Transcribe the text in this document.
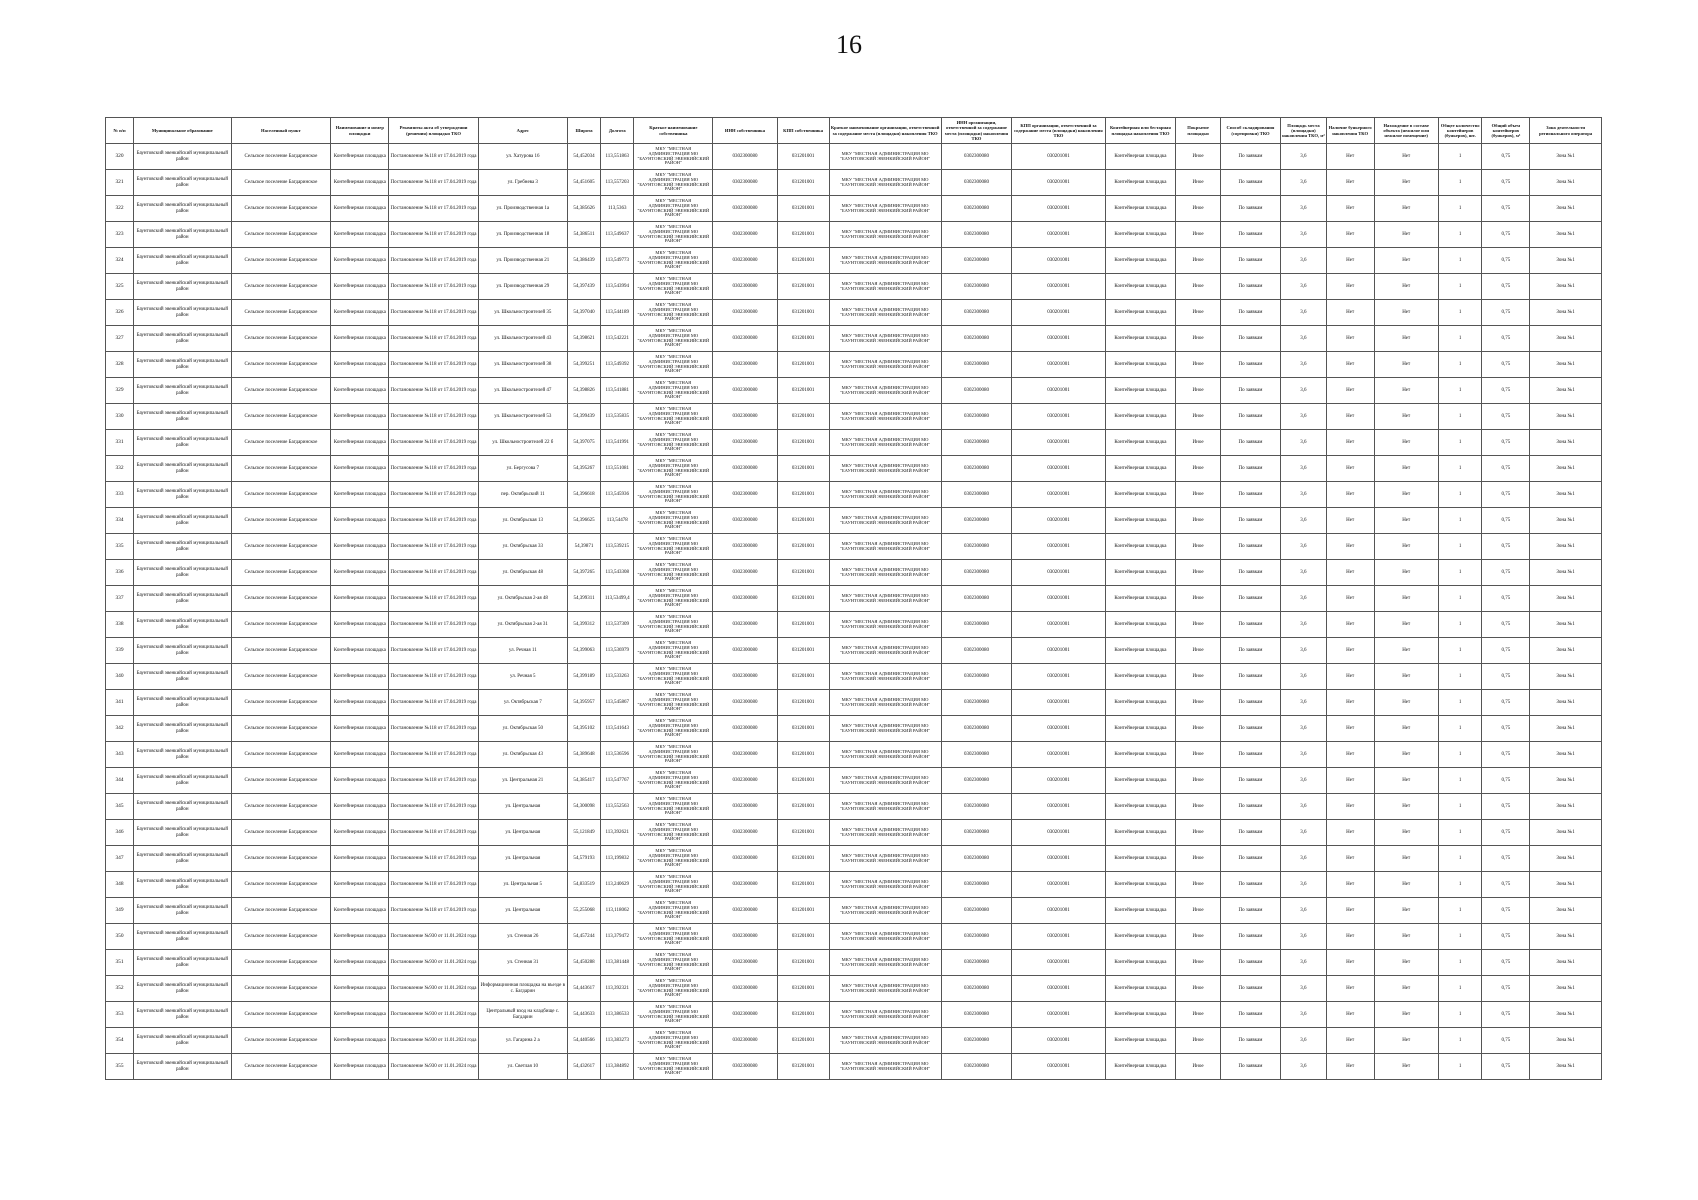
16
№ п/п	Муниципальное образование	Населенный пункт	Наименование и номер площадки	Реквизиты акта об утверждении (решения) площадки ТКО	Адрес	Широта	Долгота	Краткое наименование собственника	ИНН собственника	КПП собственника	Краткое наименование организации, ответственной за содержание места (площадки) накопления ТКО	ИНН организации, ответственной за содержание места (площадки) накопления ТКО	КПП организации, ответственной за содержание места (площадки) накопления ТКО	Контейнерная или бестарная площадка накопления ТКО	Покрытие площадки	Способ складирования (сортировки) ТКО	Площадь места (площадки) накопления ТКО, м²	Наличие бункерного накопления ТКО	Нахождение в составе объекта (нежилое или нежилое помещение)	Общее количество контейнеров (бункеров), шт.	Общий объем контейнеров (бункеров), м³	Зона деятельности регионального оператора
320	Баунтовский эвенкийский муниципальный район	Сельское поселение Багдаринское	Контейнерная площадка	Постановление №118 от 17.04.2019 года	ул. Хатурова 16	54,452034	113,551863	МКУ "МЕСТНАЯ АДМИНИСТРАЦИЯ МО "БАУНТОВСКИЙ ЭВЕНКИЙСКИЙ РАЙОН"	0302300080	031201001	МКУ "МЕСТНАЯ АДМИНИСТРАЦИЯ МО "БАУНТОВСКИЙ ЭВЕНКИЙСКИЙ РАЙОН"	0302300080	030201001	Контейнерная площадка	Иное	По заявкам	3,6	Нет	Нет	1	0,75	Зона №1
321	Баунтовский эвенкийский муниципальный район	Сельское поселение Багдаринское	Контейнерная площадка	Постановление №118 от 17.04.2019 года	ул. Гребнева 3	54,451605	113,557203	МКУ "МЕСТНАЯ АДМИНИСТРАЦИЯ МО "БАУНТОВСКИЙ ЭВЕНКИЙСКИЙ РАЙОН"	0302300080	031201001	МКУ "МЕСТНАЯ АДМИНИСТРАЦИЯ МО "БАУНТОВСКИЙ ЭВЕНКИЙСКИЙ РАЙОН"	0302300080	030201001	Контейнерная площадка	Иное	По заявкам	3,6	Нет	Нет	1	0,75	Зона №1
322	Баунтовский эвенкийский муниципальный район	Сельское поселение Багдаринское	Контейнерная площадка	Постановление №118 от 17.04.2019 года	ул. Производственная 1а	54,385626	113,5363	МКУ "МЕСТНАЯ АДМИНИСТРАЦИЯ МО "БАУНТОВСКИЙ ЭВЕНКИЙСКИЙ РАЙОН"	0302300080	031201001	МКУ "МЕСТНАЯ АДМИНИСТРАЦИЯ МО "БАУНТОВСКИЙ ЭВЕНКИЙСКИЙ РАЙОН"	0302300080	030201001	Контейнерная площадка	Иное	По заявкам	3,6	Нет	Нет	1	0,75	Зона №1
323	Баунтовский эвенкийский муниципальный район	Сельское поселение Багдаринское	Контейнерная площадка	Постановление №118 от 17.04.2019 года	ул. Производственная 18	54,386511	113,549637	МКУ "МЕСТНАЯ АДМИНИСТРАЦИЯ МО "БАУНТОВСКИЙ ЭВЕНКИЙСКИЙ РАЙОН"	0302300080	031201001	МКУ "МЕСТНАЯ АДМИНИСТРАЦИЯ МО "БАУНТОВСКИЙ ЭВЕНКИЙСКИЙ РАЙОН"	0302300080	030201001	Контейнерная площадка	Иное	По заявкам	3,6	Нет	Нет	1	0,75	Зона №1
324	Баунтовский эвенкийский муниципальный район	Сельское поселение Багдаринское	Контейнерная площадка	Постановление №118 от 17.04.2019 года	ул. Производственная 21	54,386439	113,549773	МКУ "МЕСТНАЯ АДМИНИСТРАЦИЯ МО "БАУНТОВСКИЙ ЭВЕНКИЙСКИЙ РАЙОН"	0302300080	031201001	МКУ "МЕСТНАЯ АДМИНИСТРАЦИЯ МО "БАУНТОВСКИЙ ЭВЕНКИЙСКИЙ РАЙОН"	0302300080	030201001	Контейнерная площадка	Иное	По заявкам	3,6	Нет	Нет	1	0,75	Зона №1
325	Баунтовский эвенкийский муниципальный район	Сельское поселение Багдаринское	Контейнерная площадка	Постановление №118 от 17.04.2019 года	ул. Производственная 29	54,397439	113,543994	МКУ "МЕСТНАЯ АДМИНИСТРАЦИЯ МО "БАУНТОВСКИЙ ЭВЕНКИЙСКИЙ РАЙОН"	0302300080	031201001	МКУ "МЕСТНАЯ АДМИНИСТРАЦИЯ МО "БАУНТОВСКИЙ ЭВЕНКИЙСКИЙ РАЙОН"	0302300080	030201001	Контейнерная площадка	Иное	По заявкам	3,6	Нет	Нет	1	0,75	Зона №1
326	Баунтовский эвенкийский муниципальный район	Сельское поселение Багдаринское	Контейнерная площадка	Постановление №118 от 17.04.2019 года	ул. Школьностроителей 35	54,397040	113,544189	МКУ "МЕСТНАЯ АДМИНИСТРАЦИЯ МО "БАУНТОВСКИЙ ЭВЕНКИЙСКИЙ РАЙОН"	0302300080	031201001	МКУ "МЕСТНАЯ АДМИНИСТРАЦИЯ МО "БАУНТОВСКИЙ ЭВЕНКИЙСКИЙ РАЙОН"	0302300080	030201001	Контейнерная площадка	Иное	По заявкам	3,6	Нет	Нет	1	0,75	Зона №1
327	Баунтовский эвенкийский муниципальный район	Сельское поселение Багдаринское	Контейнерная площадка	Постановление №118 от 17.04.2019 года	ул. Школьностроителей 43	54,398621	113,542221	МКУ "МЕСТНАЯ АДМИНИСТРАЦИЯ МО "БАУНТОВСКИЙ ЭВЕНКИЙСКИЙ РАЙОН"	0302300080	031201001	МКУ "МЕСТНАЯ АДМИНИСТРАЦИЯ МО "БАУНТОВСКИЙ ЭВЕНКИЙСКИЙ РАЙОН"	0302300080	030201001	Контейнерная площадка	Иное	По заявкам	3,6	Нет	Нет	1	0,75	Зона №1
328	Баунтовский эвенкийский муниципальный район	Сельское поселение Багдаринское	Контейнерная площадка	Постановление №118 от 17.04.2019 года	ул. Школьностроителей 38	54,399251	113,549392	МКУ "МЕСТНАЯ АДМИНИСТРАЦИЯ МО "БАУНТОВСКИЙ ЭВЕНКИЙСКИЙ РАЙОН"	0302300080	031201001	МКУ "МЕСТНАЯ АДМИНИСТРАЦИЯ МО "БАУНТОВСКИЙ ЭВЕНКИЙСКИЙ РАЙОН"	0302300080	030201001	Контейнерная площадка	Иное	По заявкам	3,6	Нет	Нет	1	0,75	Зона №1
329	Баунтовский эвенкийский муниципальный район	Сельское поселение Багдаринское	Контейнерная площадка	Постановление №118 от 17.04.2019 года	ул. Школьностроителей 47	54,398826	113,541881	МКУ "МЕСТНАЯ АДМИНИСТРАЦИЯ МО "БАУНТОВСКИЙ ЭВЕНКИЙСКИЙ РАЙОН"	0302300080	031201001	МКУ "МЕСТНАЯ АДМИНИСТРАЦИЯ МО "БАУНТОВСКИЙ ЭВЕНКИЙСКИЙ РАЙОН"	0302300080	030201001	Контейнерная площадка	Иное	По заявкам	3,6	Нет	Нет	1	0,75	Зона №1
330	Баунтовский эвенкийский муниципальный район	Сельское поселение Багдаринское	Контейнерная площадка	Постановление №118 от 17.04.2019 года	ул. Школьностроителей 53	54,399439	113,535835	МКУ "МЕСТНАЯ АДМИНИСТРАЦИЯ МО "БАУНТОВСКИЙ ЭВЕНКИЙСКИЙ РАЙОН"	0302300080	031201001	МКУ "МЕСТНАЯ АДМИНИСТРАЦИЯ МО "БАУНТОВСКИЙ ЭВЕНКИЙСКИЙ РАЙОН"	0302300080	030201001	Контейнерная площадка	Иное	По заявкам	3,6	Нет	Нет	1	0,75	Зона №1
331	Баунтовский эвенкийский муниципальный район	Сельское поселение Багдаринское	Контейнерная площадка	Постановление №118 от 17.04.2019 года	ул. Школьностроителей 22 б	54,397075	113,541991	МКУ "МЕСТНАЯ АДМИНИСТРАЦИЯ МО "БАУНТОВСКИЙ ЭВЕНКИЙСКИЙ РАЙОН"	0302300080	031201001	МКУ "МЕСТНАЯ АДМИНИСТРАЦИЯ МО "БАУНТОВСКИЙ ЭВЕНКИЙСКИЙ РАЙОН"	0302300080	030201001	Контейнерная площадка	Иное	По заявкам	3,6	Нет	Нет	1	0,75	Зона №1
332	Баунтовский эвенкийский муниципальный район	Сельское поселение Багдаринское	Контейнерная площадка	Постановление №118 от 17.04.2019 года	ул. Бергусова 7	54,395267	113,551081	МКУ "МЕСТНАЯ АДМИНИСТРАЦИЯ МО "БАУНТОВСКИЙ ЭВЕНКИЙСКИЙ РАЙОН"	0302300080	031201001	МКУ "МЕСТНАЯ АДМИНИСТРАЦИЯ МО "БАУНТОВСКИЙ ЭВЕНКИЙСКИЙ РАЙОН"	0302300080	030201001	Контейнерная площадка	Иное	По заявкам	3,6	Нет	Нет	1	0,75	Зона №1
333	Баунтовский эвенкийский муниципальный район	Сельское поселение Багдаринское	Контейнерная площадка	Постановление №118 от 17.04.2019 года	пер. Октябрьский 11	54,396618	113,545936	МКУ "МЕСТНАЯ АДМИНИСТРАЦИЯ МО "БАУНТОВСКИЙ ЭВЕНКИЙСКИЙ РАЙОН"	0302300080	031201001	МКУ "МЕСТНАЯ АДМИНИСТРАЦИЯ МО "БАУНТОВСКИЙ ЭВЕНКИЙСКИЙ РАЙОН"	0302300080	030201001	Контейнерная площадка	Иное	По заявкам	3,6	Нет	Нет	1	0,75	Зона №1
334	Баунтовский эвенкийский муниципальный район	Сельское поселение Багдаринское	Контейнерная площадка	Постановление №118 от 17.04.2019 года	ул. Октябрьская 13	54,396625	113,54478	МКУ "МЕСТНАЯ АДМИНИСТРАЦИЯ МО "БАУНТОВСКИЙ ЭВЕНКИЙСКИЙ РАЙОН"	0302300080	031201001	МКУ "МЕСТНАЯ АДМИНИСТРАЦИЯ МО "БАУНТОВСКИЙ ЭВЕНКИЙСКИЙ РАЙОН"	0302300080	030201001	Контейнерная площадка	Иное	По заявкам	3,6	Нет	Нет	1	0,75	Зона №1
335	Баунтовский эвенкийский муниципальный район	Сельское поселение Багдаринское	Контейнерная площадка	Постановление №118 от 17.04.2019 года	ул. Октябрьская 33	54,39871	113,539215	МКУ "МЕСТНАЯ АДМИНИСТРАЦИЯ МО "БАУНТОВСКИЙ ЭВЕНКИЙСКИЙ РАЙОН"	0302300080	031201001	МКУ "МЕСТНАЯ АДМИНИСТРАЦИЯ МО "БАУНТОВСКИЙ ЭВЕНКИЙСКИЙ РАЙОН"	0302300080	030201001	Контейнерная площадка	Иное	По заявкам	3,6	Нет	Нет	1	0,75	Зона №1
336	Баунтовский эвенкийский муниципальный район	Сельское поселение Багдаринское	Контейнерная площадка	Постановление №118 от 17.04.2019 года	ул. Октябрьская 48	54,397265	113,543308	МКУ "МЕСТНАЯ АДМИНИСТРАЦИЯ МО "БАУНТОВСКИЙ ЭВЕНКИЙСКИЙ РАЙОН"	0302300080	031201001	МКУ "МЕСТНАЯ АДМИНИСТРАЦИЯ МО "БАУНТОВСКИЙ ЭВЕНКИЙСКИЙ РАЙОН"	0302300080	030201001	Контейнерная площадка	Иное	По заявкам	3,6	Нет	Нет	1	0,75	Зона №1
337	Баунтовский эвенкийский муниципальный район	Сельское поселение Багдаринское	Контейнерная площадка	Постановление №118 от 17.04.2019 года	ул. Октябрьская 2-ая 48	54,399311	113,53499,4	МКУ "МЕСТНАЯ АДМИНИСТРАЦИЯ МО "БАУНТОВСКИЙ ЭВЕНКИЙСКИЙ РАЙОН"	0302300080	031201001	МКУ "МЕСТНАЯ АДМИНИСТРАЦИЯ МО "БАУНТОВСКИЙ ЭВЕНКИЙСКИЙ РАЙОН"	0302300080	030201001	Контейнерная площадка	Иное	По заявкам	3,6	Нет	Нет	1	0,75	Зона №1
338	Баунтовский эвенкийский муниципальный район	Сельское поселение Багдаринское	Контейнерная площадка	Постановление №118 от 17.04.2019 года	ул. Октябрьская 2-ая 31	54,399312	113,537309	МКУ "МЕСТНАЯ АДМИНИСТРАЦИЯ МО "БАУНТОВСКИЙ ЭВЕНКИЙСКИЙ РАЙОН"	0302300080	031201001	МКУ "МЕСТНАЯ АДМИНИСТРАЦИЯ МО "БАУНТОВСКИЙ ЭВЕНКИЙСКИЙ РАЙОН"	0302300080	030201001	Контейнерная площадка	Иное	По заявкам	3,6	Нет	Нет	1	0,75	Зона №1
339	Баунтовский эвенкийский муниципальный район	Сельское поселение Багдаринское	Контейнерная площадка	Постановление №118 от 17.04.2019 года	ул. Речная 11	54,399063	113,536979	МКУ "МЕСТНАЯ АДМИНИСТРАЦИЯ МО "БАУНТОВСКИЙ ЭВЕНКИЙСКИЙ РАЙОН"	0302300080	031201001	МКУ "МЕСТНАЯ АДМИНИСТРАЦИЯ МО "БАУНТОВСКИЙ ЭВЕНКИЙСКИЙ РАЙОН"	0302300080	030201001	Контейнерная площадка	Иное	По заявкам	3,6	Нет	Нет	1	0,75	Зона №1
340	Баунтовский эвенкийский муниципальный район	Сельское поселение Багдаринское	Контейнерная площадка	Постановление №118 от 17.04.2019 года	ул. Речная 5	54,399189	113,533263	МКУ "МЕСТНАЯ АДМИНИСТРАЦИЯ МО "БАУНТОВСКИЙ ЭВЕНКИЙСКИЙ РАЙОН"	0302300080	031201001	МКУ "МЕСТНАЯ АДМИНИСТРАЦИЯ МО "БАУНТОВСКИЙ ЭВЕНКИЙСКИЙ РАЙОН"	0302300080	030201001	Контейнерная площадка	Иное	По заявкам	3,6	Нет	Нет	1	0,75	Зона №1
341	Баунтовский эвенкийский муниципальный район	Сельское поселение Багдаринское	Контейнерная площадка	Постановление №118 от 17.04.2019 года	ул. Октябрьская 7	54,395957	113,545867	МКУ "МЕСТНАЯ АДМИНИСТРАЦИЯ МО "БАУНТОВСКИЙ ЭВЕНКИЙСКИЙ РАЙОН"	0302300080	031201001	МКУ "МЕСТНАЯ АДМИНИСТРАЦИЯ МО "БАУНТОВСКИЙ ЭВЕНКИЙСКИЙ РАЙОН"	0302300080	030201001	Контейнерная площадка	Иное	По заявкам	3,6	Нет	Нет	1	0,75	Зона №1
342	Баунтовский эвенкийский муниципальный район	Сельское поселение Багдаринское	Контейнерная площадка	Постановление №118 от 17.04.2019 года	ул. Октябрьская 50	54,395102	113,541643	МКУ "МЕСТНАЯ АДМИНИСТРАЦИЯ МО "БАУНТОВСКИЙ ЭВЕНКИЙСКИЙ РАЙОН"	0302300080	031201001	МКУ "МЕСТНАЯ АДМИНИСТРАЦИЯ МО "БАУНТОВСКИЙ ЭВЕНКИЙСКИЙ РАЙОН"	0302300080	030201001	Контейнерная площадка	Иное	По заявкам	3,6	Нет	Нет	1	0,75	Зона №1
343	Баунтовский эвенкийский муниципальный район	Сельское поселение Багдаринское	Контейнерная площадка	Постановление №118 от 17.04.2019 года	ул. Октябрьская 43	54,389648	113,536596	МКУ "МЕСТНАЯ АДМИНИСТРАЦИЯ МО "БАУНТОВСКИЙ ЭВЕНКИЙСКИЙ РАЙОН"	0302300080	031201001	МКУ "МЕСТНАЯ АДМИНИСТРАЦИЯ МО "БАУНТОВСКИЙ ЭВЕНКИЙСКИЙ РАЙОН"	0302300080	030201001	Контейнерная площадка	Иное	По заявкам	3,6	Нет	Нет	1	0,75	Зона №1
344	Баунтовский эвенкийский муниципальный район	Сельское поселение Багдаринское	Контейнерная площадка	Постановление №118 от 17.04.2019 года	ул. Центральная 21	54,385417	113,547767	МКУ "МЕСТНАЯ АДМИНИСТРАЦИЯ МО "БАУНТОВСКИЙ ЭВЕНКИЙСКИЙ РАЙОН"	0302300080	031201001	МКУ "МЕСТНАЯ АДМИНИСТРАЦИЯ МО "БАУНТОВСКИЙ ЭВЕНКИЙСКИЙ РАЙОН"	0302300080	030201001	Контейнерная площадка	Иное	По заявкам	3,6	Нет	Нет	1	0,75	Зона №1
345	Баунтовский эвенкийский муниципальный район	Сельское поселение Багдаринское	Контейнерная площадка	Постановление №118 от 17.04.2019 года	ул. Центральная	54,300098	113,552563	МКУ "МЕСТНАЯ АДМИНИСТРАЦИЯ МО "БАУНТОВСКИЙ ЭВЕНКИЙСКИЙ РАЙОН"	0302300080	031201001	МКУ "МЕСТНАЯ АДМИНИСТРАЦИЯ МО "БАУНТОВСКИЙ ЭВЕНКИЙСКИЙ РАЙОН"	0302300080	030201001	Контейнерная площадка	Иное	По заявкам	3,6	Нет	Нет	1	0,75	Зона №1
346	Баунтовский эвенкийский муниципальный район	Сельское поселение Багдаринское	Контейнерная площадка	Постановление №118 от 17.04.2019 года	ул. Центральная	55,121849	113,392621	МКУ "МЕСТНАЯ АДМИНИСТРАЦИЯ МО "БАУНТОВСКИЙ ЭВЕНКИЙСКИЙ РАЙОН"	0302300080	031201001	МКУ "МЕСТНАЯ АДМИНИСТРАЦИЯ МО "БАУНТОВСКИЙ ЭВЕНКИЙСКИЙ РАЙОН"	0302300080	030201001	Контейнерная площадка	Иное	По заявкам	3,6	Нет	Нет	1	0,75	Зона №1
347	Баунтовский эвенкийский муниципальный район	Сельское поселение Багдаринское	Контейнерная площадка	Постановление №118 от 17.04.2019 года	ул. Центральная	54,579193	113,199832	МКУ "МЕСТНАЯ АДМИНИСТРАЦИЯ МО "БАУНТОВСКИЙ ЭВЕНКИЙСКИЙ РАЙОН"	0302300080	031201001	МКУ "МЕСТНАЯ АДМИНИСТРАЦИЯ МО "БАУНТОВСКИЙ ЭВЕНКИЙСКИЙ РАЙОН"	0302300080	030201001	Контейнерная площадка	Иное	По заявкам	3,6	Нет	Нет	1	0,75	Зона №1
348	Баунтовский эвенкийский муниципальный район	Сельское поселение Багдаринское	Контейнерная площадка	Постановление №118 от 17.04.2019 года	ул. Центральная 5	54,833519	113,240629	МКУ "МЕСТНАЯ АДМИНИСТРАЦИЯ МО "БАУНТОВСКИЙ ЭВЕНКИЙСКИЙ РАЙОН"	0302300080	031201001	МКУ "МЕСТНАЯ АДМИНИСТРАЦИЯ МО "БАУНТОВСКИЙ ЭВЕНКИЙСКИЙ РАЙОН"	0302300080	030201001	Контейнерная площадка	Иное	По заявкам	3,6	Нет	Нет	1	0,75	Зона №1
349	Баунтовский эвенкийский муниципальный район	Сельское поселение Багдаринское	Контейнерная площадка	Постановление №118 от 17.04.2019 года	ул. Центральная	55,255068	113,118062	МКУ "МЕСТНАЯ АДМИНИСТРАЦИЯ МО "БАУНТОВСКИЙ ЭВЕНКИЙСКИЙ РАЙОН"	0302300080	031201001	МКУ "МЕСТНАЯ АДМИНИСТРАЦИЯ МО "БАУНТОВСКИЙ ЭВЕНКИЙСКИЙ РАЙОН"	0302300080	030201001	Контейнерная площадка	Иное	По заявкам	3,6	Нет	Нет	1	0,75	Зона №1
350	Баунтовский эвенкийский муниципальный район	Сельское поселение Багдаринское	Контейнерная площадка	Постановление №930 от 11.01.2024 года	ул. Стенная 26	54,457244	113,379472	МКУ "МЕСТНАЯ АДМИНИСТРАЦИЯ МО "БАУНТОВСКИЙ ЭВЕНКИЙСКИЙ РАЙОН"	0302300080	031201001	МКУ "МЕСТНАЯ АДМИНИСТРАЦИЯ МО "БАУНТОВСКИЙ ЭВЕНКИЙСКИЙ РАЙОН"	0302300080	030201001	Контейнерная площадка	Иное	По заявкам	3,6	Нет	Нет	1	0,75	Зона №1
351	Баунтовский эвенкийский муниципальный район	Сельское поселение Багдаринское	Контейнерная площадка	Постановление №930 от 11.01.2024 года	ул. Стенная 31	54,450288	113,381448	МКУ "МЕСТНАЯ АДМИНИСТРАЦИЯ МО "БАУНТОВСКИЙ ЭВЕНКИЙСКИЙ РАЙОН"	0302300080	031201001	МКУ "МЕСТНАЯ АДМИНИСТРАЦИЯ МО "БАУНТОВСКИЙ ЭВЕНКИЙСКИЙ РАЙОН"	0302300080	030201001	Контейнерная площадка	Иное	По заявкам	3,6	Нет	Нет	1	0,75	Зона №1
352	Баунтовский эвенкийский муниципальный район	Сельское поселение Багдаринское	Контейнерная площадка	Постановление №930 от 11.01.2024 года	Информационная площадка на въезде в с. Багдарин	54,443617	113,392321	МКУ "МЕСТНАЯ АДМИНИСТРАЦИЯ МО "БАУНТОВСКИЙ ЭВЕНКИЙСКИЙ РАЙОН"	0302300080	031201001	МКУ "МЕСТНАЯ АДМИНИСТРАЦИЯ МО "БАУНТОВСКИЙ ЭВЕНКИЙСКИЙ РАЙОН"	0302300080	030201001	Контейнерная площадка	Иное	По заявкам	3,6	Нет	Нет	1	0,75	Зона №1
353	Баунтовский эвенкийский муниципальный район	Сельское поселение Багдаринское	Контейнерная площадка	Постановление №930 от 11.01.2024 года	Центральный вход на кладбище с. Багдарин	54,443633	113,386533	МКУ "МЕСТНАЯ АДМИНИСТРАЦИЯ МО "БАУНТОВСКИЙ ЭВЕНКИЙСКИЙ РАЙОН"	0302300080	031201001	МКУ "МЕСТНАЯ АДМИНИСТРАЦИЯ МО "БАУНТОВСКИЙ ЭВЕНКИЙСКИЙ РАЙОН"	0302300080	030201001	Контейнерная площадка	Иное	По заявкам	3,6	Нет	Нет	1	0,75	Зона №1
354	Баунтовский эвенкийский муниципальный район	Сельское поселение Багдаринское	Контейнерная площадка	Постановление №930 от 11.01.2024 года	ул. Гагарина 2 а	54,440566	113,383273	МКУ "МЕСТНАЯ АДМИНИСТРАЦИЯ МО "БАУНТОВСКИЙ ЭВЕНКИЙСКИЙ РАЙОН"	0302300080	031201001	МКУ "МЕСТНАЯ АДМИНИСТРАЦИЯ МО "БАУНТОВСКИЙ ЭВЕНКИЙСКИЙ РАЙОН"	0302300080	030201001	Контейнерная площадка	Иное	По заявкам	3,6	Нет	Нет	1	0,75	Зона №1
355	Баунтовский эвенкийский муниципальный район	Сельское поселение Багдаринское	Контейнерная площадка	Постановление №930 от 11.01.2024 года	ул. Светлая 10	54,432617	113,384892	МКУ "МЕСТНАЯ АДМИНИСТРАЦИЯ МО "БАУНТОВСКИЙ ЭВЕНКИЙСКИЙ РАЙОН"	0302300080	031201001	МКУ "МЕСТНАЯ АДМИНИСТРАЦИЯ МО "БАУНТОВСКИЙ ЭВЕНКИЙСКИЙ РАЙОН"	0302300080	030201001	Контейнерная площадка	Иное	По заявкам	3,6	Нет	Нет	1	0,75	Зона №1
